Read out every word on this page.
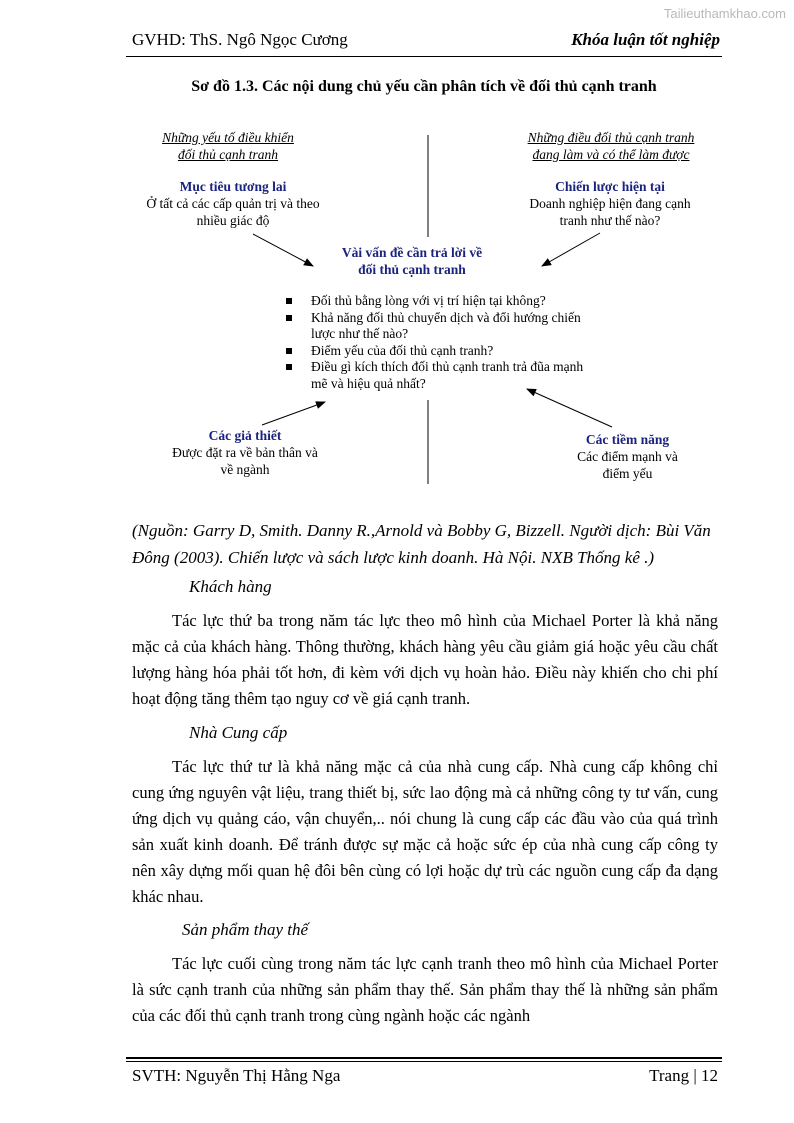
Tailieuthamkhao.com
GVHD: ThS. Ngô Ngọc Cương	Khóa luận tốt nghiệp
Sơ đồ 1.3. Các nội dung chủ yếu cần phân tích về đối thủ cạnh tranh
Những yếu tố điều khiển
đối thủ cạnh tranh
Những điều đối thủ cạnh tranh
đang làm và có thể làm được
Mục tiêu tương lai
Ở tất cả các cấp quản trị và theo
nhiều giác độ
Chiến lược hiện tại
Doanh nghiệp hiện đang cạnh
tranh như thế nào?
Vài vấn đề cần trả lời về
đối thủ cạnh tranh
Đối thủ bằng lòng với vị trí hiện tại không?
Khả năng đối thủ chuyển dịch và đổi hướng chiến lược như thế nào?
Điểm yếu của đối thủ cạnh tranh?
Điều gì kích thích đối thủ cạnh tranh trả đũa mạnh mẽ và hiệu quả nhất?
Các giả thiết
Được đặt ra về bản thân và
về ngành
Các tiềm năng
Các điểm mạnh và
điểm yếu
(Nguồn: Garry D, Smith. Danny R.,Arnold và Bobby G, Bizzell. Người dịch: Bùi Văn Đông (2003). Chiến lược và sách lược kinh doanh. Hà Nội. NXB Thống kê .)
Khách hàng
Tác lực thứ ba trong năm tác lực theo mô hình của Michael Porter là khả năng mặc cả của khách hàng. Thông thường, khách hàng yêu cầu giảm giá hoặc yêu cầu chất lượng hàng hóa phải tốt hơn, đi kèm với dịch vụ hoàn hảo. Điều này khiến cho chi phí hoạt động tăng thêm tạo nguy cơ về giá cạnh tranh.
Nhà Cung cấp
Tác lực thứ tư là khả năng mặc cả của nhà cung cấp. Nhà cung cấp không chỉ cung ứng nguyên vật liệu, trang thiết bị, sức lao động mà cả những công ty tư vấn, cung ứng dịch vụ quảng cáo, vận chuyển,.. nói chung là cung cấp các đầu vào của quá trình sản xuất kinh doanh. Để tránh được sự mặc cả hoặc sức ép của nhà cung cấp công ty nên xây dựng mối quan hệ đôi bên cùng có lợi hoặc dự trù các nguồn cung cấp đa dạng khác nhau.
Sản phẩm thay thế
Tác lực cuối cùng trong năm tác lực cạnh tranh theo mô hình của Michael Porter là sức cạnh tranh của những sản phẩm thay thế. Sản phẩm thay thế là những sản phẩm của các đối thủ cạnh tranh trong cùng ngành hoặc các ngành
SVTH: Nguyễn Thị Hằng Nga	Trang | 12
